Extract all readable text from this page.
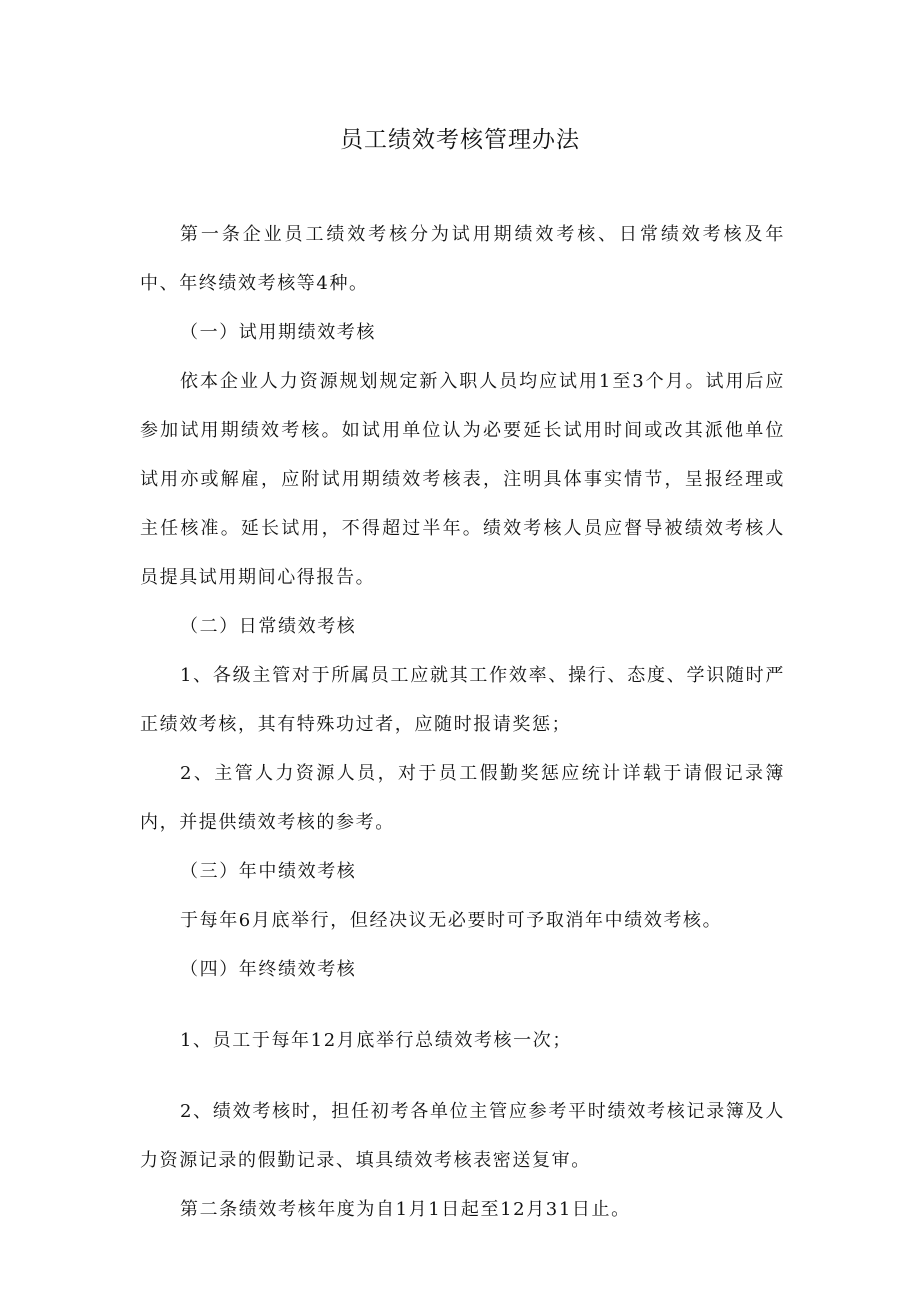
员工绩效考核管理办法

第一条企业员工绩效考核分为试用期绩效考核、日常绩效考核及年中、年终绩效考核等4种。

（一）试用期绩效考核

依本企业人力资源规划规定新入职人员均应试用1至3个月。试用后应参加试用期绩效考核。如试用单位认为必要延长试用时间或改其派他单位试用亦或解雇，应附试用期绩效考核表，注明具体事实情节，呈报经理或主任核准。延长试用，不得超过半年。绩效考核人员应督导被绩效考核人员提具试用期间心得报告。

（二）日常绩效考核

1、各级主管对于所属员工应就其工作效率、操行、态度、学识随时严正绩效考核，其有特殊功过者，应随时报请奖惩；

2、主管人力资源人员，对于员工假勤奖惩应统计详载于请假记录簿内，并提供绩效考核的参考。

（三）年中绩效考核

于每年6月底举行，但经决议无必要时可予取消年中绩效考核。

（四）年终绩效考核

1、员工于每年12月底举行总绩效考核一次；

2、绩效考核时，担任初考各单位主管应参考平时绩效考核记录簿及人力资源记录的假勤记录、填具绩效考核表密送复审。

第二条绩效考核年度为自1月1日起至12月31日止。
